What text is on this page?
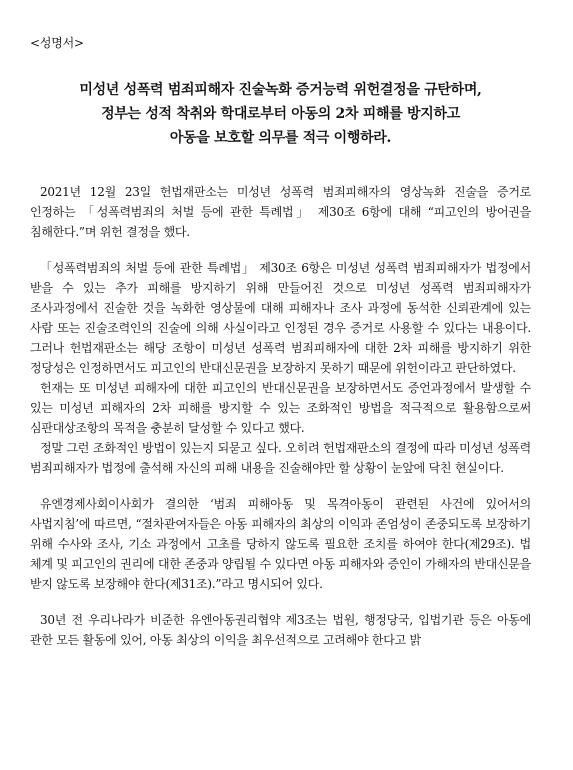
<성명서>
미성년 성폭력 범죄피해자 진술녹화 증거능력 위헌결정을 규탄하며,
정부는 성적 착취와 학대로부터 아동의 2차 피해를 방지하고
아동을 보호할 의무를 적극 이행하라.

2021년 12월 23일 헌법재판소는 미성년 성폭력 범죄피해자의 영상녹화 진술을 증거로 인정하는 「성폭력범죄의 처벌 등에 관한 특례법」 제30조 6항에 대해 “피고인의 방어권을 침해한다.”며 위헌 결정을 했다.

「성폭력범죄의 처벌 등에 관한 특례법」 제30조 6항은 미성년 성폭력 범죄피해자가 법정에서 받을 수 있는 추가 피해를 방지하기 위해 만들어진 것으로 미성년 성폭력 범죄피해자가 조사과정에서 진술한 것을 녹화한 영상물에 대해 피해자나 조사 과정에 동석한 신뢰관계에 있는 사람 또는 진술조력인의 진술에 의해 사실이라고 인정된 경우 증거로 사용할 수 있다는 내용이다. 그러나 헌법재판소는 해당 조항이 미성년 성폭력 범죄피해자에 대한 2차 피해를 방지하기 위한 정당성은 인정하면서도 피고인의 반대신문권을 보장하지 못하기 때문에 위헌이라고 판단하였다.

헌재는 또 미성년 피해자에 대한 피고인의 반대신문권을 보장하면서도 증언과정에서 발생할 수 있는 미성년 피해자의 2차 피해를 방지할 수 있는 조화적인 방법을 적극적으로 활용함으로써 심판대상조항의 목적을 충분히 달성할 수 있다고 했다.

정말 그런 조화적인 방법이 있는지 되묻고 싶다. 오히려 헌법재판소의 결정에 따라 미성년 성폭력 범죄피해자가 법정에 출석해 자신의 피해 내용을 진술해야만 할 상황이 눈앞에 닥친 현실이다.

유엔경제사회이사회가 결의한 ‘범죄 피해아동 및 목격아동이 관련된 사건에 있어서의 사법지침’에 따르면, “절차관여자들은 아동 피해자의 최상의 이익과 존엄성이 존중되도록 보장하기 위해 수사와 조사, 기소 과정에서 고초를 당하지 않도록 필요한 조치를 하여야 한다(제29조). 법 체계 및 피고인의 권리에 대한 존중과 양립될 수 있다면 아동 피해자와 증인이 가해자의 반대신문을 받지 않도록 보장해야 한다(제31조).”라고 명시되어 있다.

30년 전 우리나라가 비준한 유엔아동권리협약 제3조는 법원, 행정당국, 입법기관 등은 아동에 관한 모든 활동에 있어, 아동 최상의 이익을 최우선적으로 고려해야 한다고 밝
